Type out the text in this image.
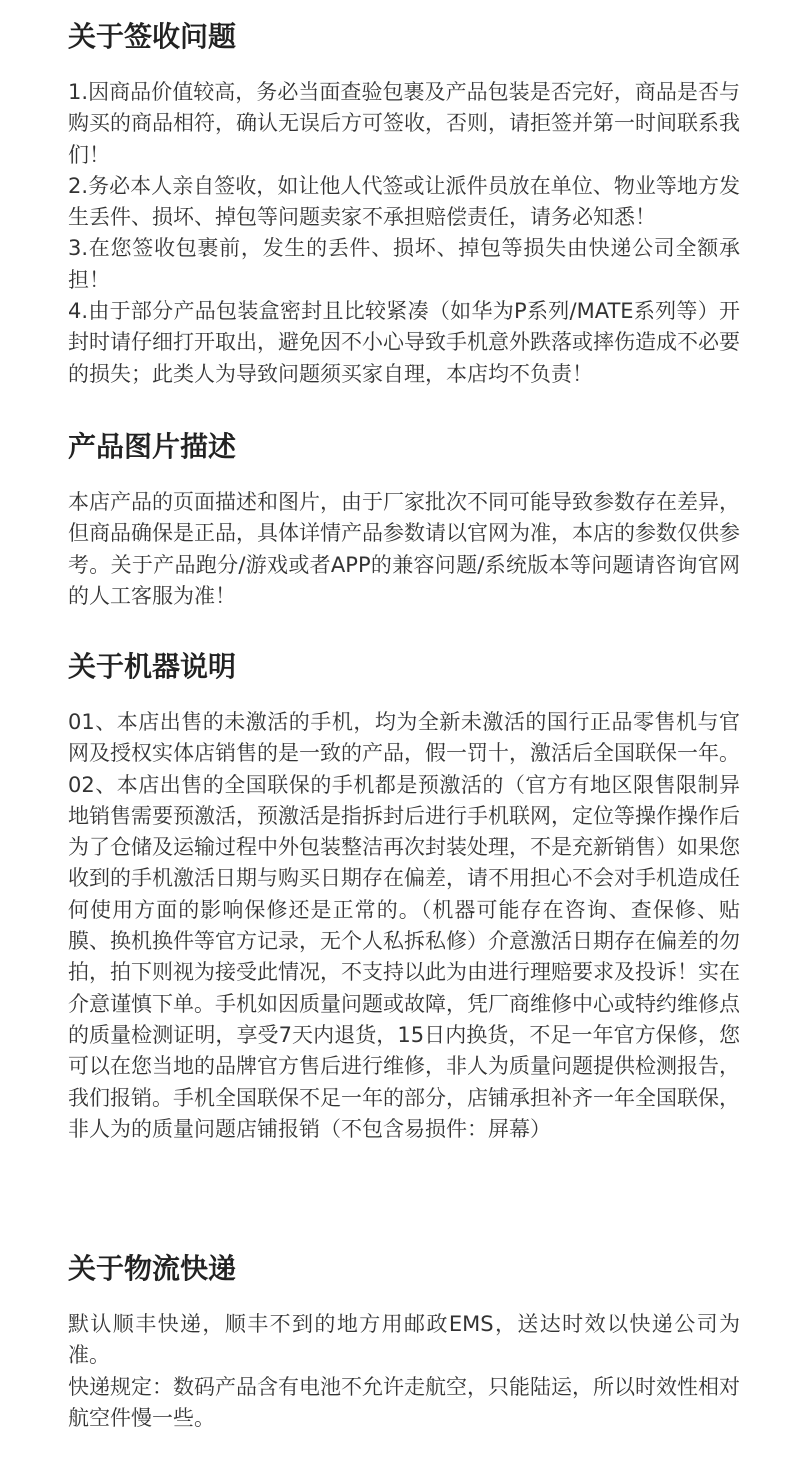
关于签收问题

1.因商品价值较高，务必当面查验包裹及产品包装是否完好，商品是否与购买的商品相符，确认无误后方可签收，否则，请拒签并第一时间联系我们！

2.务必本人亲自签收，如让他人代签或让派件员放在单位、物业等地方发生丢件、损坏、掉包等问题卖家不承担赔偿责任，请务必知悉！

3.在您签收包裹前，发生的丢件、损坏、掉包等损失由快递公司全额承担！

4.由于部分产品包装盒密封且比较紧凑（如华为P系列/MATE系列等）开封时请仔细打开取出，避免因不小心导致手机意外跌落或摔伤造成不必要的损失；此类人为导致问题须买家自理，本店均不负责！

产品图片描述

本店产品的页面描述和图片，由于厂家批次不同可能导致参数存在差异，但商品确保是正品，具体详情产品参数请以官网为准，本店的参数仅供参考。关于产品跑分/游戏或者APP的兼容问题/系统版本等问题请咨询官网的人工客服为准！

关于机器说明

01、本店出售的未激活的手机，均为全新未激活的国行正品零售机与官网及授权实体店销售的是一致的产品，假一罚十，激活后全国联保一年。

02、本店出售的全国联保的手机都是预激活的（官方有地区限售限制异地销售需要预激活，预激活是指拆封后进行手机联网，定位等操作操作后为了仓储及运输过程中外包装整洁再次封装处理，不是充新销售）如果您收到的手机激活日期与购买日期存在偏差，请不用担心不会对手机造成任何使用方面的影响保修还是正常的。（机器可能存在咨询、查保修、贴膜、换机换件等官方记录，无个人私拆私修）介意激活日期存在偏差的勿拍，拍下则视为接受此情况，不支持以此为由进行理赔要求及投诉！实在介意谨慎下单。手机如因质量问题或故障，凭厂商维修中心或特约维修点的质量检测证明，享受7天内退货，15日内换货，不足一年官方保修，您可以在您当地的品牌官方售后进行维修，非人为质量问题提供检测报告，我们报销。手机全国联保不足一年的部分，店铺承担补齐一年全国联保，非人为的质量问题店铺报销（不包含易损件：屏幕）

关于物流快递

默认顺丰快递，顺丰不到的地方用邮政EMS，送达时效以快递公司为准。

快递规定：数码产品含有电池不允许走航空，只能陆运，所以时效性相对航空件慢一些。
